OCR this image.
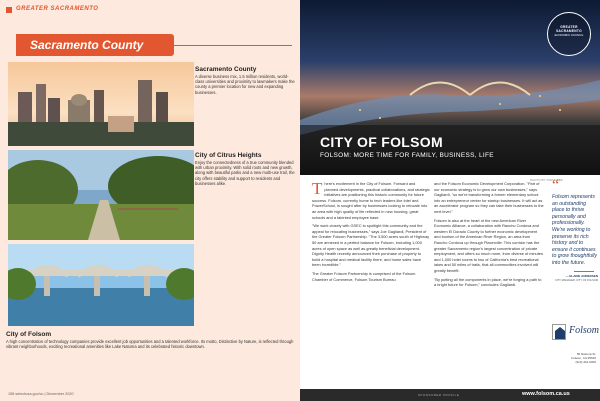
GREATER SACRAMENTO
Sacramento County
Sacramento County

A diverse business mix, 1.5 million residents, world-class universities and proximity to lawmakers make the county a premier location for new and expanding businesses.

City of Citrus Heights

Enjoy the connectedness of a true community blended with urban proximity. With solid roots and new growth, along with beautiful parks and a new multi-use trail, the city offers stability and support to residents and businesses alike.

City of Folsom

A high concentration of technology companies provide excellent job opportunities and a talented workforce. Its motto, Distinctive by Nature, is reflected through vibrant neighborhoods, exciting recreational amenities like Lake Natoma and its celebrated historic downtown.

158 selectusa.gov/cc | December 2020
GREATER SACRAMENTO
ECONOMIC COUNCIL
CITY OF FOLSOM
FOLSOM: MORE TIME FOR FAMILY, BUSINESS, LIFE
PHOTO BY TOM GIBBS

There's excitement in the City of Folsom. Forward and planned developments, practical collaborations, and strategic initiatives are positioning this historic community for future success. Folsom, currently home to tech leaders like Intel and PowerSchool, is sought after by businesses looking to relocate into an area with high quality of life reflected in new housing, great schools and a talented employee base.

"We work closely with GSEC to spotlight this community and the appeal for relocating businesses," says Joe Gagliardi, President of the Greater Folsom Partnership. "The 3,500 acres south of Highway 50 are annexed in a perfect balance for Folsom, including 1,000 acres of open space as well as greatly beneficial development. Dignity Health recently announced their purchase of property to build a hospital and medical facility there, and home sales have been incredible."

The Greater Folsom Partnership is comprised of the Folsom Chamber of Commerce, Folsom Tourism Bureau

and the Folsom Economic Development Corporation. "Part of our economic strategy is to grow our own businesses," says Gagliardi, "so we're transforming a former elementary school into an entrepreneur center for startup businesses. It will act as an accelerator program so they can take their businesses to the next level."

Folsom is also at the heart of the new American River Economic Alliance, a collaboration with Rancho Cordova and western El Dorado County to further economic development and tourism of the American River Region, an area from Rancho Cordova up through Placerville. This corridor has the greater Sacramento region's largest concentration of private employment, and offers so much more, from diverse of minutes and 1,000 hotel rooms to two of California's best recreational lakes and 50 miles of trails, that all communities involved will greatly benefit.

"By putting all the components in place, we're forging a path to a bright future for Folsom," concludes Gagliardi.

“
Folsom represents an outstanding place to thrive personally and professionally. We're working to preserve its rich history and to ensure it continues to grow thoughtfully into the future.
— ELAINE ANDERSEN
CITY MANAGER, CITY OF FOLSOM
Folsom
50 Natoma St.
Folsom, CA 95630
(916) 461-6000
SPONSORED PROFILE	www.folsom.ca.us
